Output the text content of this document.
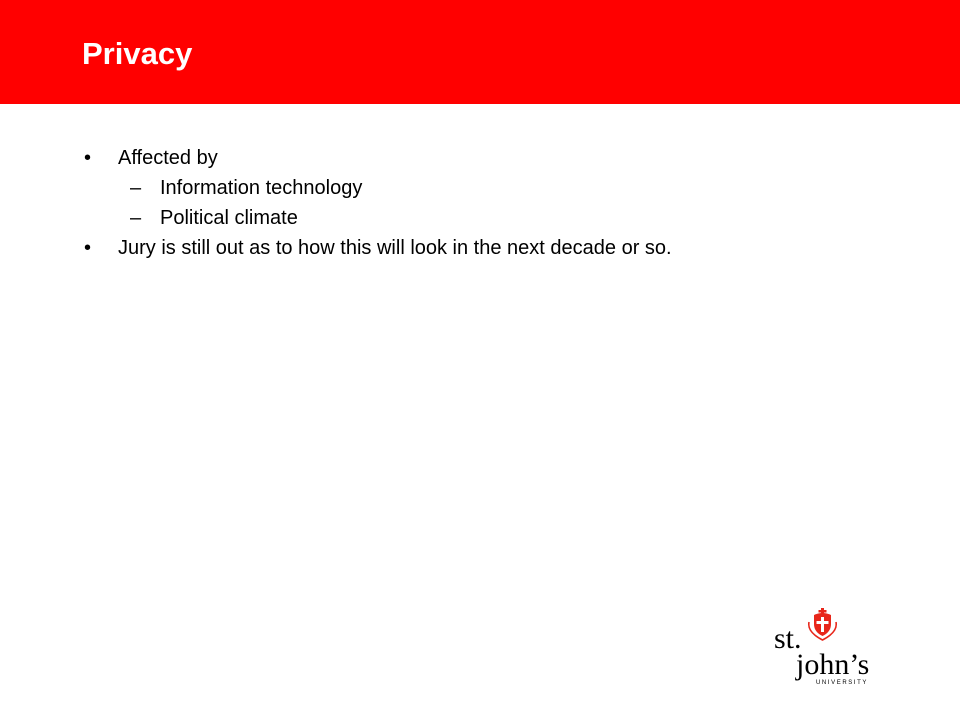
Privacy
• Affected by
– Information technology
– Political climate
• Jury is still out as to how this will look in the next decade or so.
st.
john’s
UNIVERSITY
